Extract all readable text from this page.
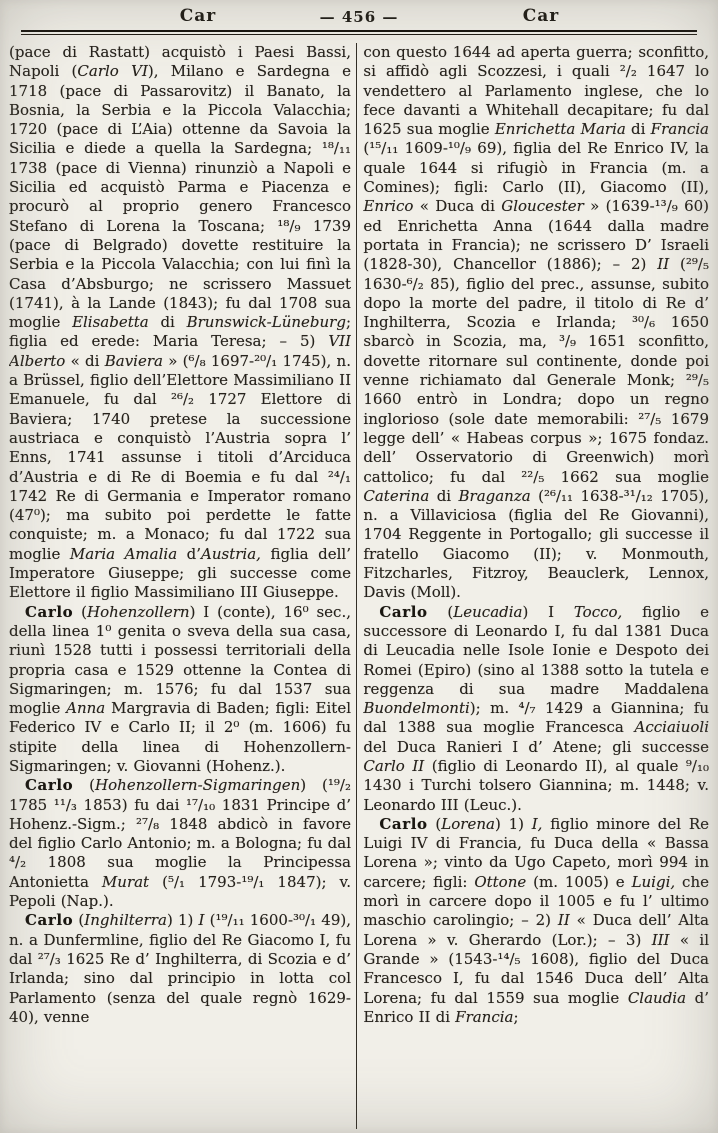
Car	— 456 —	Car

(pace di Rastatt) acquistò i Paesi Bassi, Napoli (Carlo VI), Milano e Sardegna e 1718 (pace di Passarovitz) il Banato, la Bosnia, la Serbia e la Piccola Valacchia; 1720 (pace di L’Aia) ottenne da Savoia la Sicilia e diede a quella la Sardegna; ¹⁸/₁₁ 1738 (pace di Vienna) rinunziò a Napoli e Sicilia ed acquistò Parma e Piacenza e procurò al proprio genero Francesco Stefano di Lorena la Toscana; ¹⁸/₉ 1739 (pace di Belgrado) dovette restituire la Serbia e la Piccola Valacchia; con lui finì la Casa d’Absburgo; ne scrissero Massuet (1741), à la Lande (1843); fu dal 1708 sua moglie Elisabetta di Brunswick-Lüneburg; figlia ed erede: Maria Teresa; – 5) VII Alberto « di Baviera » (⁶/₈ 1697-²⁰/₁ 1745), n. a Brüssel, figlio dell’Elettore Massimiliano II Emanuele, fu dal ²⁶/₂ 1727 Elettore di Baviera; 1740 pretese la successione austriaca e conquistò l’Austria sopra l’ Enns, 1741 assunse i titoli d’Arciduca d’Austria e di Re di Boemia e fu dal ²⁴/₁ 1742 Re di Germania e Imperator romano (47⁰); ma subito poi perdette le fatte conquiste; m. a Monaco; fu dal 1722 sua moglie Maria Amalia d’Austria, figlia dell’ Imperatore Giuseppe; gli successe come Elettore il figlio Massimiliano III Giuseppe.

Carlo (Hohenzollern) I (conte), 16⁰ sec., della linea 1⁰ genita o sveva della sua casa, riunì 1528 tutti i possessi territoriali della propria casa e 1529 ottenne la Contea di Sigmaringen; m. 1576; fu dal 1537 sua moglie Anna Margravia di Baden; figli: Eitel Federico IV e Carlo II; il 2⁰ (m. 1606) fu stipite della linea di Hohenzollern-Sigmaringen; v. Giovanni (Hohenz.).

Carlo (Hohenzollern-Sigmaringen) (¹⁹/₂ 1785 ¹¹/₃ 1853) fu dai ¹⁷/₁₀ 1831 Principe d’ Hohenz.-Sigm.; ²⁷/₈ 1848 abdicò in favore del figlio Carlo Antonio; m. a Bologna; fu dal ⁴/₂ 1808 sua moglie la Principessa Antonietta Murat (⁵/₁ 1793-¹⁹/₁ 1847); v. Pepoli (Nap.).

Carlo (Inghilterra) 1) I (¹⁹/₁₁ 1600-³⁰/₁ 49), n. a Dunfermline, figlio del Re Giacomo I, fu dal ²⁷/₃ 1625 Re d’ Inghilterra, di Scozia e d’ Irlanda; sino dal principio in lotta col Parlamento (senza del quale regnò 1629-40), venne

con questo 1644 ad aperta guerra; sconfitto, si affidò agli Scozzesi, i quali ²/₂ 1647 lo vendettero al Parlamento inglese, che lo fece davanti a Whitehall decapitare; fu dal 1625 sua moglie Enrichetta Maria di Francia (¹⁵/₁₁ 1609-¹⁰/₉ 69), figlia del Re Enrico IV, la quale 1644 si rifugiò in Francia (m. a Comines); figli: Carlo (II), Giacomo (II), Enrico « Duca di Gloucester » (1639-¹³/₉ 60) ed Enrichetta Anna (1644 dalla madre portata in Francia); ne scrissero D’ Israeli (1828-30), Chancellor (1886); – 2) II (²⁹/₅ 1630-⁶/₂ 85), figlio del prec., assunse, subito dopo la morte del padre, il titolo di Re d’ Inghilterra, Scozia e Irlanda; ³⁰/₆ 1650 sbarcò in Scozia, ma, ³/₉ 1651 sconfitto, dovette ritornare sul continente, donde poi venne richiamato dal Generale Monk; ²⁹/₅ 1660 entrò in Londra; dopo un regno inglorioso (sole date memorabili: ²⁷/₅ 1679 legge dell’ « Habeas corpus »; 1675 fondaz. dell’ Osservatorio di Greenwich) morì cattolico; fu dal ²²/₅ 1662 sua moglie Caterina di Braganza (²⁶/₁₁ 1638-³¹/₁₂ 1705), n. a Villaviciosa (figlia del Re Giovanni), 1704 Reggente in Portogallo; gli successe il fratello Giacomo (II); v. Monmouth, Fitzcharles, Fitzroy, Beauclerk, Lennox, Davis (Moll).

Carlo (Leucadia) I Tocco, figlio e successore di Leonardo I, fu dal 1381 Duca di Leucadia nelle Isole Ionie e Despoto dei Romei (Epiro) (sino al 1388 sotto la tutela e reggenza di sua madre Maddalena Buondelmonti); m. ⁴/₇ 1429 a Giannina; fu dal 1388 sua moglie Francesca Acciaiuoli del Duca Ranieri I d’ Atene; gli successe Carlo II (figlio di Leonardo II), al quale ⁹/₁₀ 1430 i Turchi tolsero Giannina; m. 1448; v. Leonardo III (Leuc.).

Carlo (Lorena) 1) I, figlio minore del Re Luigi IV di Francia, fu Duca della « Bassa Lorena »; vinto da Ugo Capeto, morì 994 in carcere; figli: Ottone (m. 1005) e Luigi, che morì in carcere dopo il 1005 e fu l’ ultimo maschio carolingio; – 2) II « Duca dell’ Alta Lorena » v. Gherardo (Lor.); – 3) III « il Grande » (1543-¹⁴/₅ 1608), figlio del Duca Francesco I, fu dal 1546 Duca dell’ Alta Lorena; fu dal 1559 sua moglie Claudia d’ Enrico II di Francia;
